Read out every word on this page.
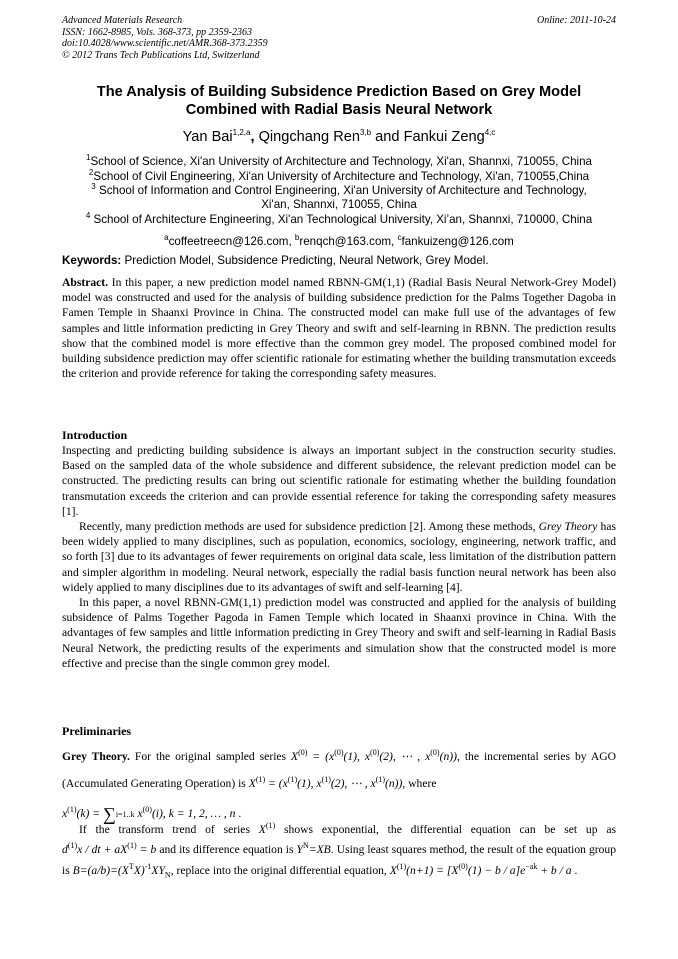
Advanced Materials Research
ISSN: 1662-8985, Vols. 368-373, pp 2359-2363
doi:10.4028/www.scientific.net/AMR.368-373.2359
© 2012 Trans Tech Publications Ltd, Switzerland
Online: 2011-10-24
The Analysis of Building Subsidence Prediction Based on Grey Model
Combined with Radial Basis Neural Network
Yan Bai$^{1,2,a}$, Qingchang Ren$^{3,b}$ and Fankui Zeng$^{4,c}$
$^1$School of Science, Xi'an University of Architecture and Technology, Xi'an, Shannxi, 710055, China
$^2$School of Civil Engineering, Xi'an University of Architecture and Technology, Xi'an, 710055,China
$^3$ School of Information and Control Engineering, Xi'an University of Architecture and Technology,
Xi'an, Shannxi, 710055, China
$^4$ School of Architecture Engineering, Xi'an Technological University, Xi’an, Shannxi, 710000, China
$^a$coffeetreecn@126.com, $^b$renqch@163.com, $^c$fankuizeng@126.com
Keywords: Prediction Model, Subsidence Predicting, Neural Network, Grey Model.

Abstract. In this paper, a new prediction model named RBNN-GM(1,1) (Radial Basis Neural Network-Grey Model) model was constructed and used for the analysis of building subsidence prediction for the Palms Together Dagoba in Famen Temple in Shaanxi Province in China. The constructed model can make full use of the advantages of few samples and little information predicting in Grey Theory and swift and self-learning in RBNN. The prediction results show that the combined model is more effective than the common grey model. The proposed combined model for building subsidence prediction may offer scientific rationale for estimating whether the building transmutation exceeds the criterion and provide reference for taking the corresponding safety measures.

Introduction

Inspecting and predicting building subsidence is always an important subject in the construction security studies. Based on the sampled data of the whole subsidence and different subsidence, the relevant prediction model can be constructed. The predicting results can bring out scientific rationale for estimating whether the building foundation transmutation exceeds the criterion and can provide essential reference for taking the corresponding safety measures [1].

Recently, many prediction methods are used for subsidence prediction [2]. Among these methods, Grey Theory has been widely applied to many disciplines, such as population, economics, sociology, engineering, network traffic, and so forth [3] due to its advantages of fewer requirements on original data scale, less limitation of the distribution pattern and simpler algorithm in modeling. Neural network, especially the radial basis function neural network has been also widely applied to many disciplines due to its advantages of swift and self-learning [4].

In this paper, a novel RBNN-GM(1,1) prediction model was constructed and applied for the analysis of building subsidence of Palms Together Pagoda in Famen Temple which located in Shaanxi province in China. With the advantages of few samples and little information predicting in Grey Theory and swift and self-learning in Radial Basis Neural Network, the predicting results of the experiments and simulation show that the constructed model is more effective and precise than the single common grey model.

Preliminaries

Grey Theory. For the original sampled series $X^{(0)} = (x^{(0)}(1)$, $x^{(0)}(2)$, ⋯ , $x^{(0)}(n)$), the incremental series by AGO (Accumulated Generating Operation) is $X^{(1)} = (x^{(1)}(1)$, $x^{(1)}(2)$, ⋯ , $x^{(1)}(n)$), where

$x^{(1)}(k) = \sum i=1..k$ $x^{(0)}(i)$, k = 1, 2, … , n .

If the transform trend of series $X^{(1)}$ shows exponential, the differential equation can be set up as $d^{(1)}x$ / dt + $aX^{(1)} = b$ and its difference equation is $Y^N=XB$. Using least squares method, the result of the equation group is $B=(a/b)=(X^TX)^{-1}XY_N$, replace into the original differential equation, $X^{(1)}(n+1) = [X^{(0)}(1) - b / a]e^{-ak} + b / a$ .
